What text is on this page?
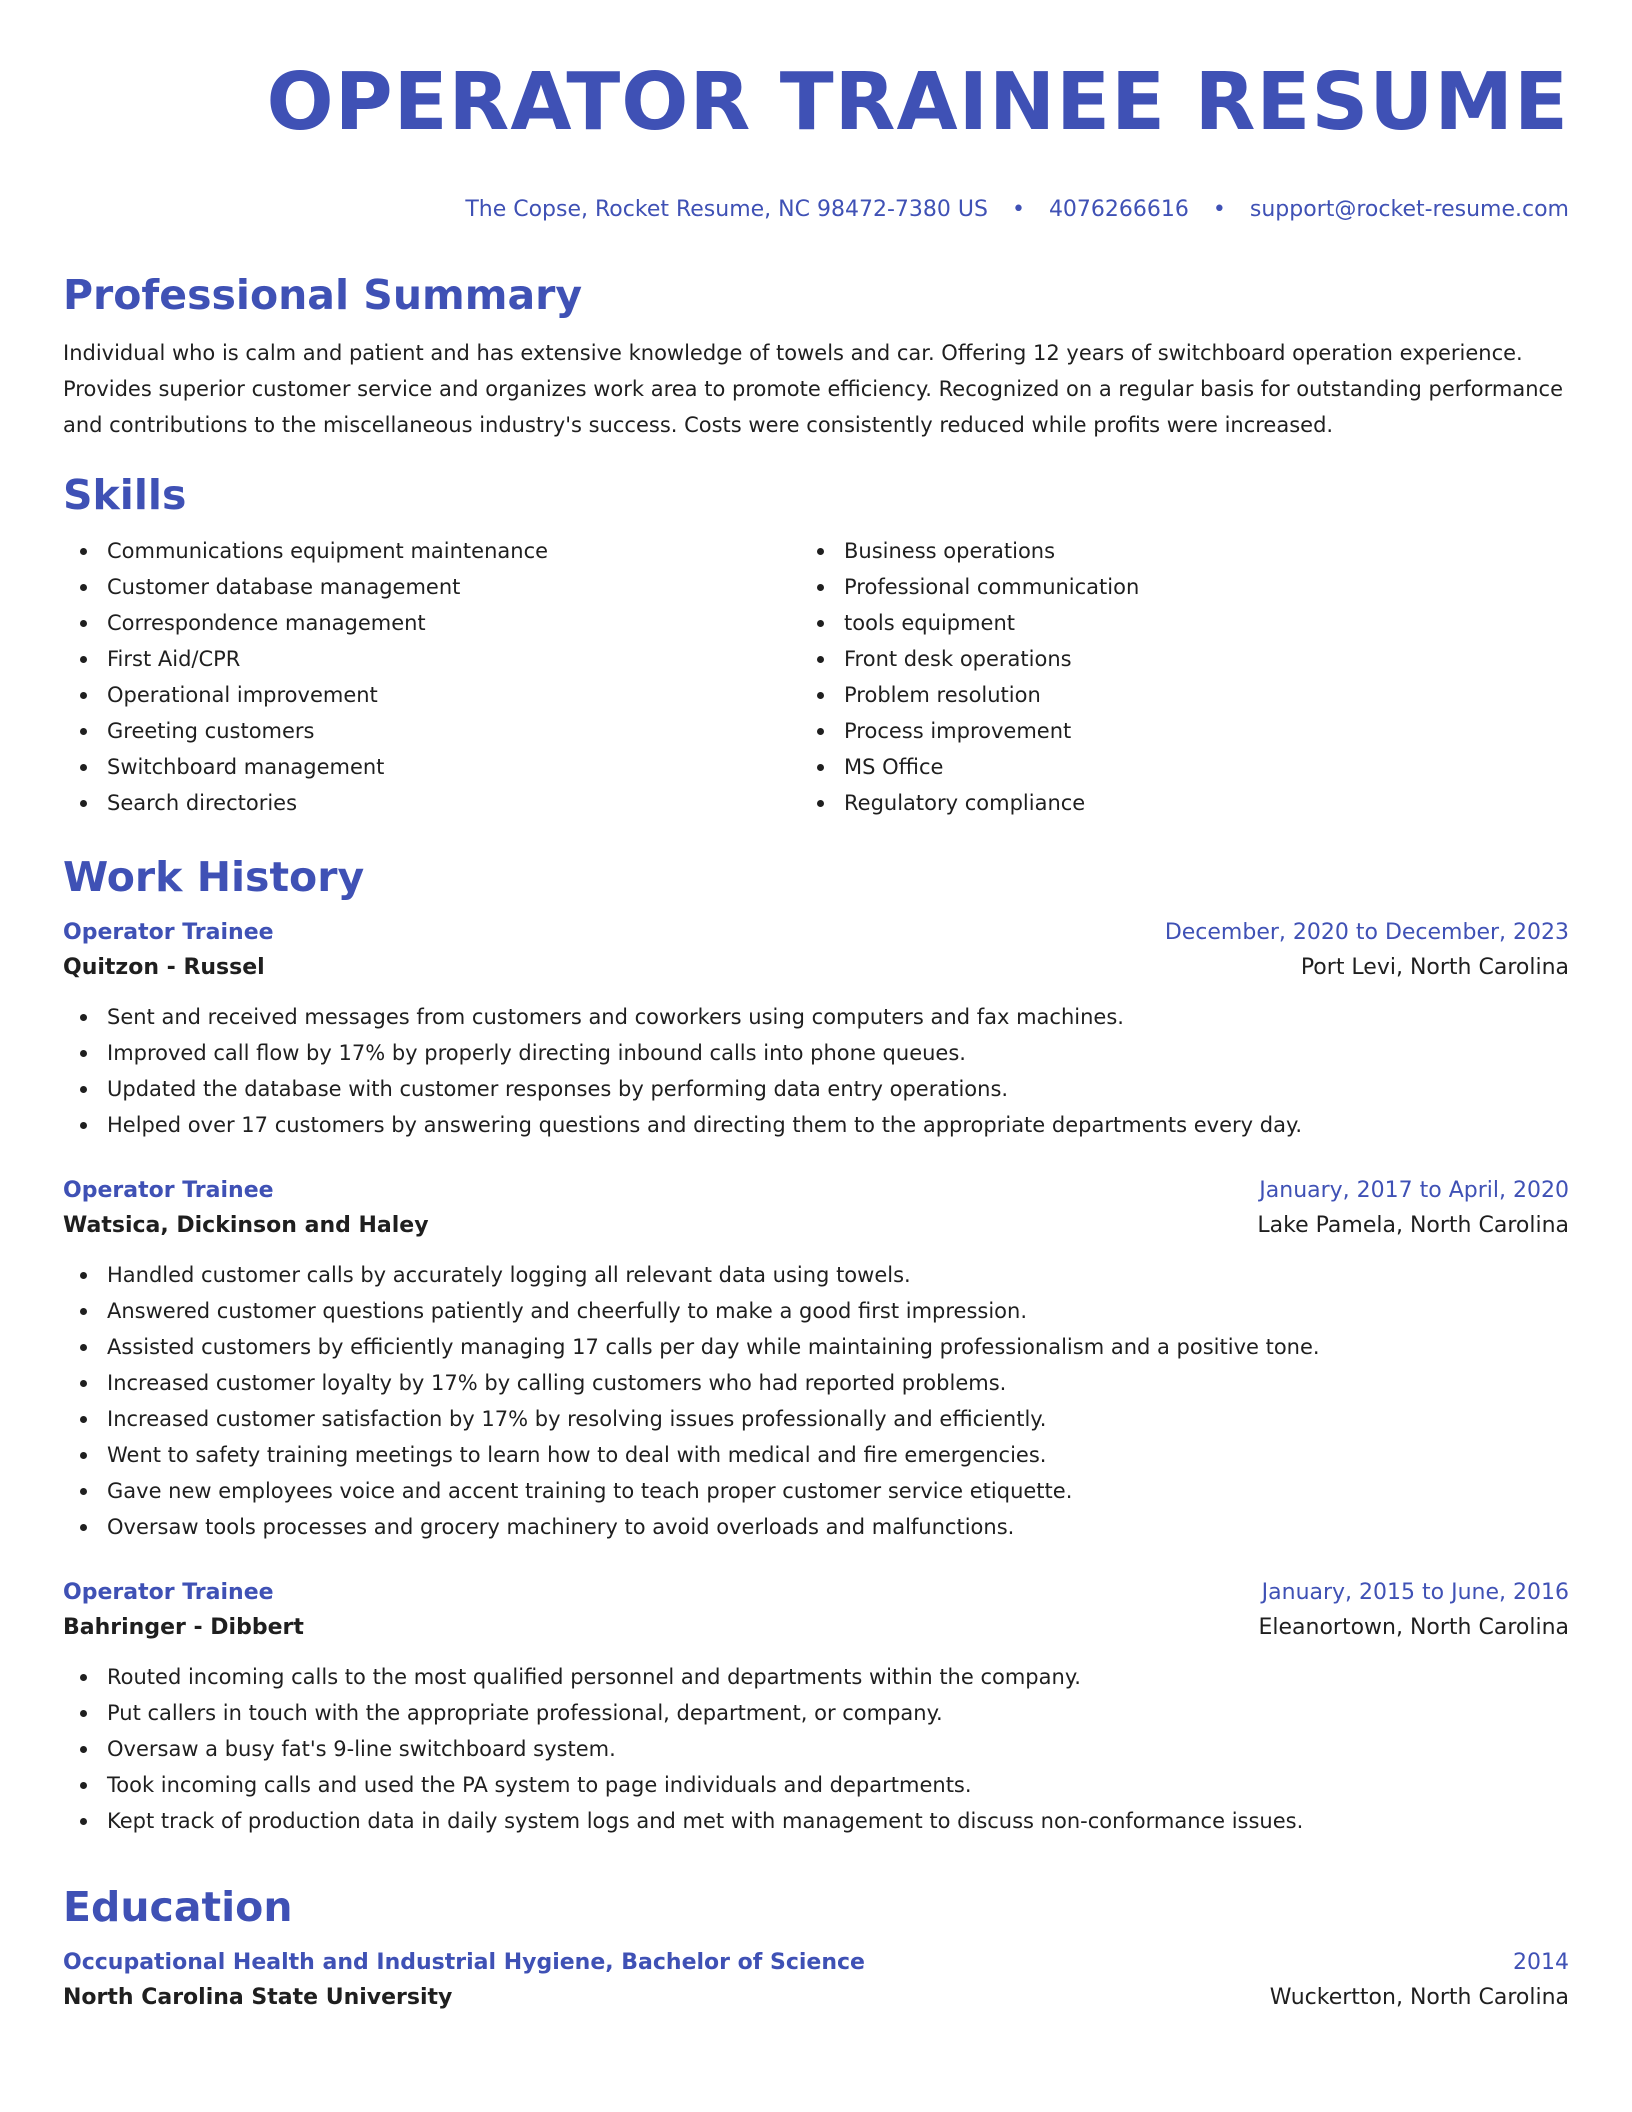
OPERATOR TRAINEE RESUME
The Copse, Rocket Resume, NC 98472-7380 US • 4076266616 • support@rocket-resume.com
Professional Summary
Individual who is calm and patient and has extensive knowledge of towels and car. Offering 12 years of switchboard operation experience. Provides superior customer service and organizes work area to promote efficiency. Recognized on a regular basis for outstanding performance and contributions to the miscellaneous industry's success. Costs were consistently reduced while profits were increased.
Skills
Communications equipment maintenance
Customer database management
Correspondence management
First Aid/CPR
Operational improvement
Greeting customers
Switchboard management
Search directories
Business operations
Professional communication
tools equipment
Front desk operations
Problem resolution
Process improvement
MS Office
Regulatory compliance
Work History
Operator Trainee	December, 2020 to December, 2023
Quitzon - Russel	Port Levi, North Carolina
Sent and received messages from customers and coworkers using computers and fax machines.
Improved call flow by 17% by properly directing inbound calls into phone queues.
Updated the database with customer responses by performing data entry operations.
Helped over 17 customers by answering questions and directing them to the appropriate departments every day.
Operator Trainee	January, 2017 to April, 2020
Watsica, Dickinson and Haley	Lake Pamela, North Carolina
Handled customer calls by accurately logging all relevant data using towels.
Answered customer questions patiently and cheerfully to make a good first impression.
Assisted customers by efficiently managing 17 calls per day while maintaining professionalism and a positive tone.
Increased customer loyalty by 17% by calling customers who had reported problems.
Increased customer satisfaction by 17% by resolving issues professionally and efficiently.
Went to safety training meetings to learn how to deal with medical and fire emergencies.
Gave new employees voice and accent training to teach proper customer service etiquette.
Oversaw tools processes and grocery machinery to avoid overloads and malfunctions.
Operator Trainee	January, 2015 to June, 2016
Bahringer - Dibbert	Eleanortown, North Carolina
Routed incoming calls to the most qualified personnel and departments within the company.
Put callers in touch with the appropriate professional, department, or company.
Oversaw a busy fat's 9-line switchboard system.
Took incoming calls and used the PA system to page individuals and departments.
Kept track of production data in daily system logs and met with management to discuss non-conformance issues.
Education
Occupational Health and Industrial Hygiene, Bachelor of Science	2014
North Carolina State University	Wuckertton, North Carolina
